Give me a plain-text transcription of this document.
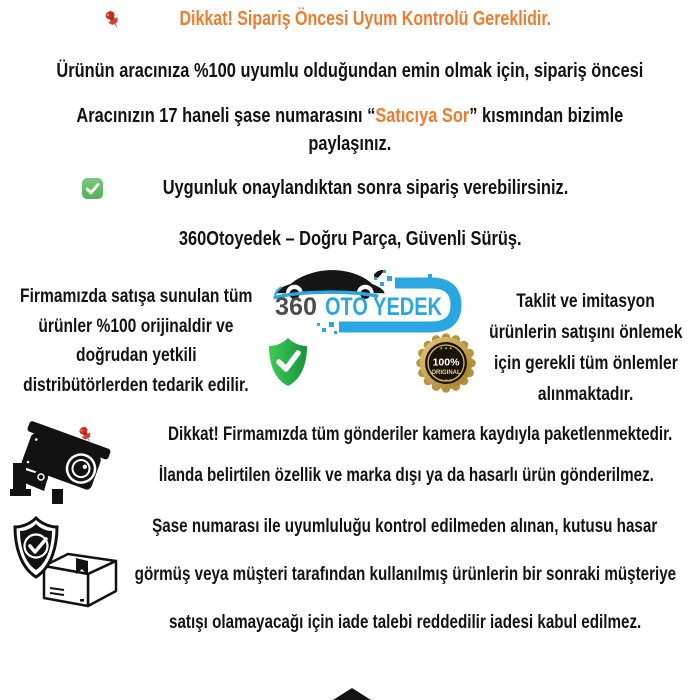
Dikkat! Sipariş Öncesi Uyum Kontrolü Gereklidir.
Ürünün aracınıza %100 uyumlu olduğundan emin olmak için, sipariş öncesi
Aracınızın 17 haneli şase numarasını “Satıcıya Sor” kısmından bizimle
paylaşınız.
Uygunluk onaylandıktan sonra sipariş verebilirsiniz.
360Otoyedek – Doğru Parça, Güvenli Sürüş.
Firmamızda satışa sunulan tüm
ürünler %100 orijinaldir ve
doğrudan yetkili
distribütörlerden tedarik edilir.
360 OTO YEDEK
★ ★ ★
100%
ORIGINAL
★ ★ ★
Taklit ve imitasyon
ürünlerin satışını önlemek
için gerekli tüm önlemler
alınmaktadır.
Dikkat! Firmamızda tüm gönderiler kamera kaydıyla paketlenmektedir.
İlanda belirtilen özellik ve marka dışı ya da hasarlı ürün gönderilmez.
Şase numarası ile uyumluluğu kontrol edilmeden alınan, kutusu hasar
görmüş veya müşteri tarafından kullanılmış ürünlerin bir sonraki müşteriye
satışı olamayacağı için iade talebi reddedilir iadesi kabul edilmez.
